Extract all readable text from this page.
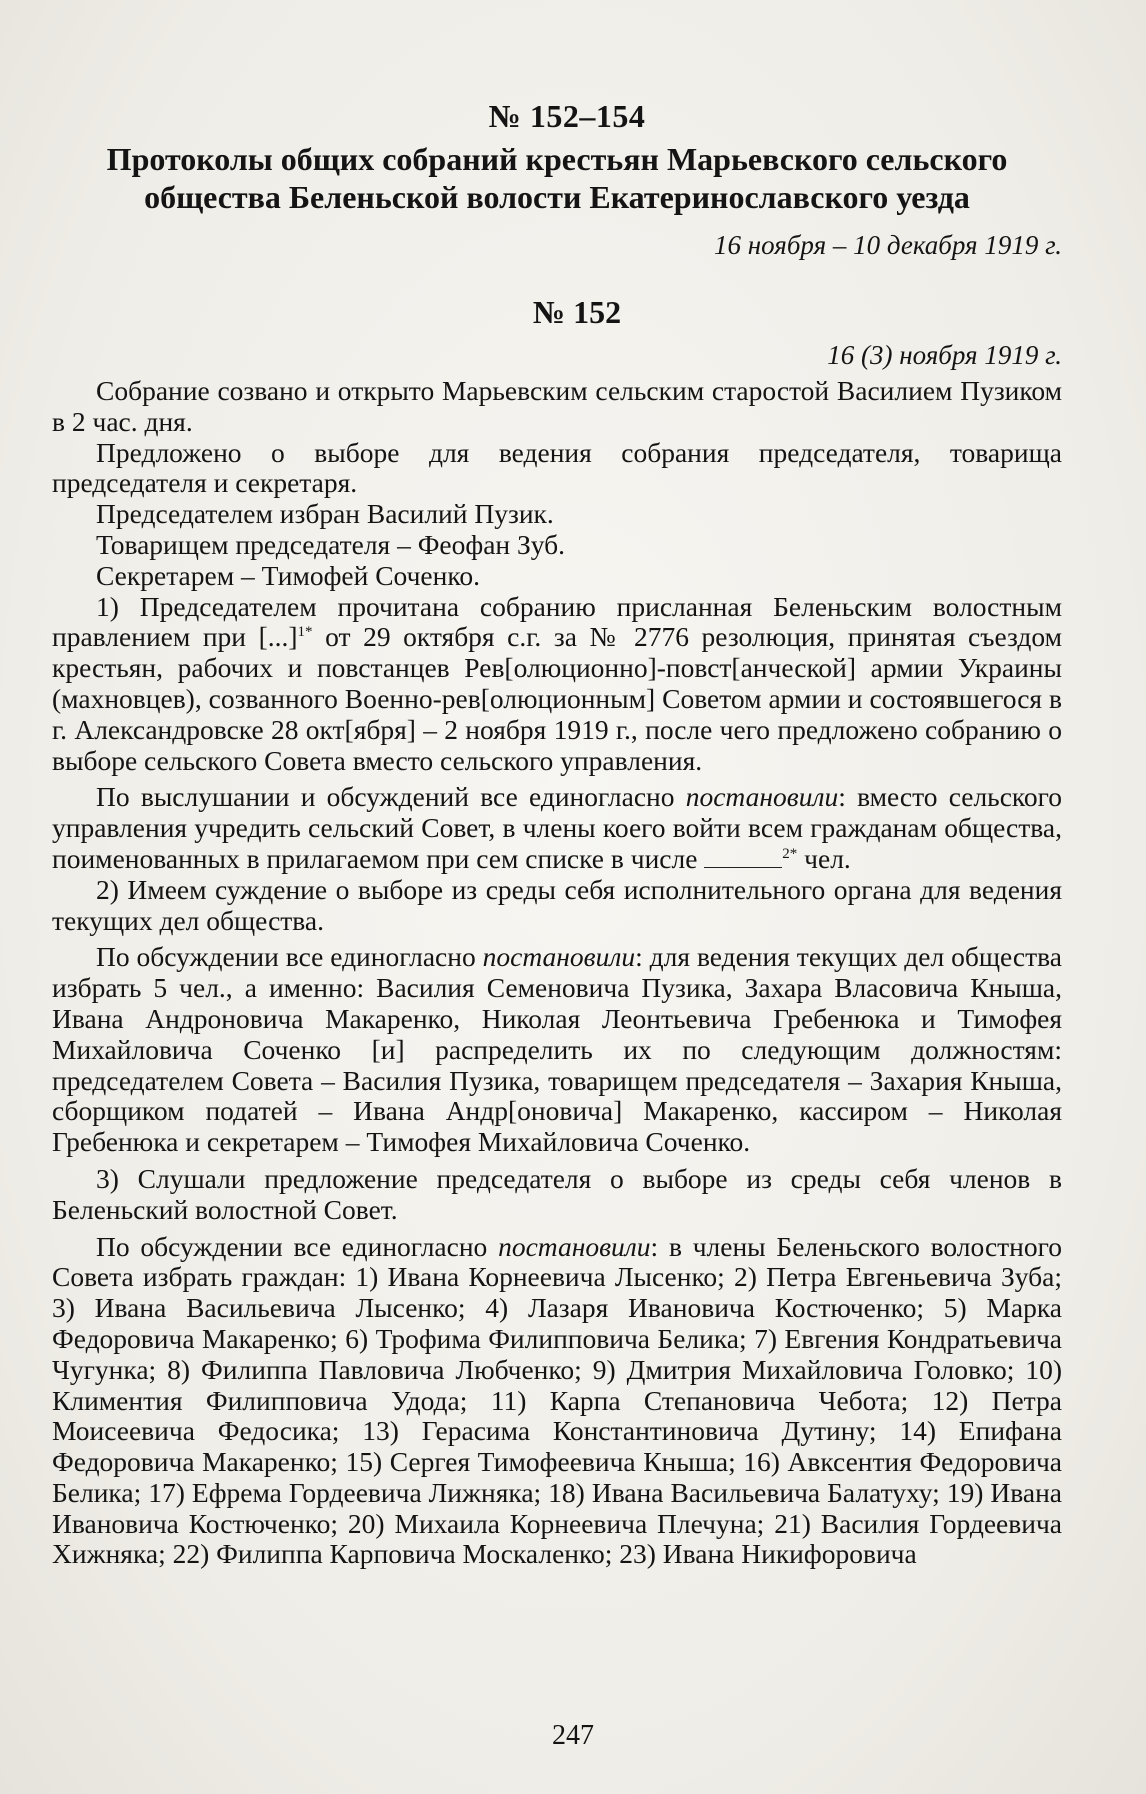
№ 152–154

Протоколы общих собраний крестьян Марьевского сельского общества Беленьской волости Екатеринославского уезда

16 ноября – 10 декабря 1919 г.

№ 152

16 (3) ноября 1919 г.

Собрание созвано и открыто Марьевским сельским старостой Василием Пузиком в 2 час. дня.

Предложено о выборе для ведения собрания председателя, товарища председателя и секретаря.

Председателем избран Василий Пузик.

Товарищем председателя – Феофан Зуб.

Секретарем – Тимофей Соченко.

1) Председателем прочитана собранию присланная Беленьским волостным правлением при [...]$^{1*}$ от 29 октября с.г. за № 2776 резолюция, принятая съездом крестьян, рабочих и повстанцев Рев[олюционно]-повст[анческой] армии Украины (махновцев), созванного Военно-рев[олюционным] Советом армии и состоявшегося в г. Александровске 28 окт[ября] – 2 ноября 1919 г., после чего предложено собранию о выборе сельского Совета вместо сельского управления.

По выслушании и обсуждений все единогласно постановили: вместо сельского управления учредить сельский Совет, в члены коего войти всем гражданам общества, поименованных в прилагаемом при сем списке в числе	$^{2*}$ чел.

2) Имеем суждение о выборе из среды себя исполнительного органа для ведения текущих дел общества.

По обсуждении все единогласно постановили: для ведения текущих дел общества избрать 5 чел., а именно: Василия Семеновича Пузика, Захара Власовича Кныша, Ивана Андроновича Макаренко, Николая Леонтьевича Гребенюка и Тимофея Михайловича Соченко [и] распределить их по следующим должностям: председателем Совета – Василия Пузика, товарищем председателя – Захария Кныша, сборщиком податей – Ивана Андр[оновича] Макаренко, кассиром – Николая Гребенюка и секретарем – Тимофея Михайловича Соченко.

3) Слушали предложение председателя о выборе из среды себя членов в Беленьский волостной Совет.

По обсуждении все единогласно постановили: в члены Беленьского волостного Совета избрать граждан: 1) Ивана Корнеевича Лысенко; 2) Петра Евгеньевича Зуба; 3) Ивана Васильевича Лысенко; 4) Лазаря Ивановича Костюченко; 5) Марка Федоровича Макаренко; 6) Трофима Филипповича Белика; 7) Евгения Кондратьевича Чугунка; 8) Филиппа Павловича Любченко; 9) Дмитрия Михайловича Головко; 10) Климентия Филипповича Удода; 11) Карпа Степановича Чебота; 12) Петра Моисеевича Федосика; 13) Герасима Константиновича Дутину; 14) Епифана Федоровича Макаренко; 15) Сергея Тимофеевича Кныша; 16) Авксентия Федоровича Белика; 17) Ефрема Гордеевича Лижняка; 18) Ивана Васильевича Балатуху; 19) Ивана Ивановича Костюченко; 20) Михаила Корнеевича Плечуна; 21) Василия Гордеевича Хижняка; 22) Филиппа Карповича Москаленко; 23) Ивана Никифоровича

247
